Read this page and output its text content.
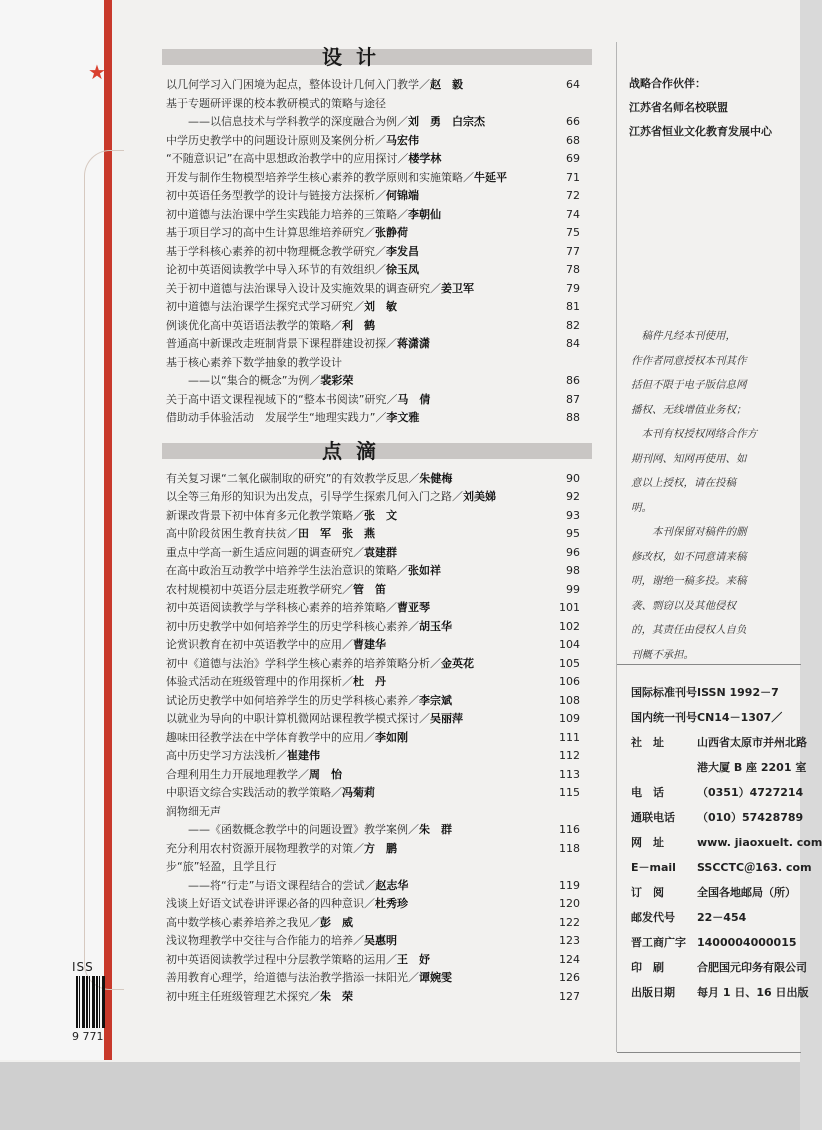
★
ISS
9 771
设计
以几何学习入门困境为起点，整体设计几何入门教学／赵　毅	64
基于专题研评课的校本教研模式的策略与途径
　　——以信息技术与学科教学的深度融合为例／刘　勇　白宗杰	66
中学历史教学中的问题设计原则及案例分析／马宏伟	68
“不随意识记”在高中思想政治教学中的应用探讨／楼学林	69
开发与制作生物模型培养学生核心素养的教学原则和实施策略／牛延平	71
初中英语任务型教学的设计与链接方法探析／何锦端	72
初中道德与法治课中学生实践能力培养的三策略／李朝仙	74
基于项目学习的高中生计算思维培养研究／张静荷	75
基于学科核心素养的初中物理概念教学研究／李发昌	77
论初中英语阅读教学中导入环节的有效组织／徐玉凤	78
关于初中道德与法治课导入设计及实施效果的调查研究／姜卫军	79
初中道德与法治课学生探究式学习研究／刘　敏	81
例谈优化高中英语语法教学的策略／利　鹤	82
普通高中新课改走班制背景下课程群建设初探／蒋潇潇	84
基于核心素养下数学抽象的教学设计
　　——以“集合的概念”为例／裴彩荣	86
关于高中语文课程视域下的“整本书阅读”研究／马　倩	87
借助动手体验活动　发展学生“地理实践力”／李文雅	88
点滴
有关复习课“二氧化碳制取的研究”的有效教学反思／朱健梅	90
以全等三角形的知识为出发点，引导学生探索几何入门之路／刘美娣	92
新课改背景下初中体育多元化教学策略／张　文	93
高中阶段贫困生教育扶贫／田　军　张　燕	95
重点中学高一新生适应问题的调查研究／袁建群	96
在高中政治互动教学中培养学生法治意识的策略／张如祥	98
农村规模初中英语分层走班教学研究／管　笛	99
初中英语阅读教学与学科核心素养的培养策略／曹亚琴	101
初中历史教学中如何培养学生的历史学科核心素养／胡玉华	102
论赏识教育在初中英语教学中的应用／曹建华	104
初中《道德与法治》学科学生核心素养的培养策略分析／金英花	105
体验式活动在班级管理中的作用探析／杜　丹	106
试论历史教学中如何培养学生的历史学科核心素养／李宗斌	108
以就业为导向的中职计算机微网站课程教学模式探讨／吴丽萍	109
趣味田径教学法在中学体育教学中的应用／李如刚	111
高中历史学习方法浅析／崔建伟	112
合理利用生力开展地理教学／周　怡	113
中职语文综合实践活动的教学策略／冯菊莉	115
润物细无声
　　——《函数概念教学中的问题设置》教学案例／朱　群	116
充分利用农村资源开展物理教学的对策／方　鹏	118
步“旅”轻盈，且学且行
　　——将“行走”与语文课程结合的尝试／赵志华	119
浅谈上好语文试卷讲评课必备的四种意识／杜秀珍	120
高中数学核心素养培养之我见／彭　威	122
浅议物理教学中交往与合作能力的培养／吴惠明	123
初中英语阅读教学过程中分层教学策略的运用／王　妤	124
善用教育心理学，给道德与法治教学揩添一抹阳光／谭婉雯	126
初中班主任班级管理艺术探究／朱　荣	127
战略合作伙伴：
江苏省名师名校联盟
江苏省恒业文化教育发展中心

　稿件凡经本刊使用，

作作者同意授权本刊其作

括但不限于电子版信息网

播权、无线增值业务权；

　本刊有权授权网络合作方

期刊网、知网再使用、如

意以上授权，请在投稿

明。

　　本刊保留对稿件的删

修改权，如不同意请来稿

明，谢绝一稿多投。来稿

袭、剽窃以及其他侵权

的，其责任由侵权人自负

刊概不承担。

国际标准刊号ISSN 1992－7
国内统一刊号CN14－1307／
社　址	山西省太原市并州北路
港大厦 B 座 2201 室
电　话	（0351）4727214
通联电话 （010）57428789
网　址	www. jiaoxuelt. com
E－mail SSCCTC＠163. com
订　阅	全国各地邮局（所）
邮发代号 22－454
晋工商广字 1400004000015
印　刷	合肥国元印务有限公司
出版日期 每月 1 日、16 日出版
